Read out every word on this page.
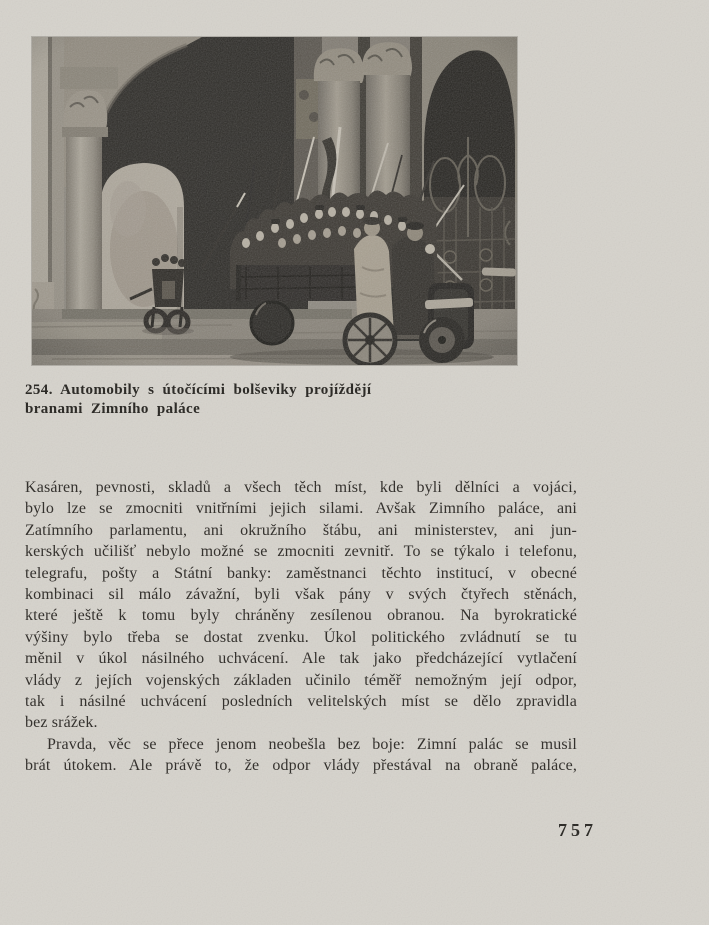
254. Automobily s útočícími bolševiky projíždějí
branami Zimního paláce
Kasáren, pevnosti, skladů a všech těch míst, kde byli dělníci a vojáci,
bylo lze se zmocniti vnitřními jejich silami. Avšak Zimního paláce, ani
Zatímního parlamentu, ani okružního štábu, ani ministerstev, ani jun-
kerských učilišť nebylo možné se zmocniti zevnitř. To se týkalo i telefonu,
telegrafu, pošty a Státní banky: zaměstnanci těchto institucí, v obecné
kombinaci sil málo závažní, byli však pány v svých čtyřech stěnách,
které ještě k tomu byly chráněny zesílenou obranou. Na byrokratické
výšiny bylo třeba se dostat zvenku. Úkol politického zvládnutí se tu
měnil v úkol násilného uchvácení. Ale tak jako předcházející vytlačení
vlády z jejích vojenských základen učinilo téměř nemožným její odpor,
tak i násilné uchvácení posledních velitelských míst se dělo zpravidla
bez srážek.
Pravda, věc se přece jenom neobešla bez boje: Zimní palác se musil
brát útokem. Ale právě to, že odpor vlády přestával na obraně paláce,
757
